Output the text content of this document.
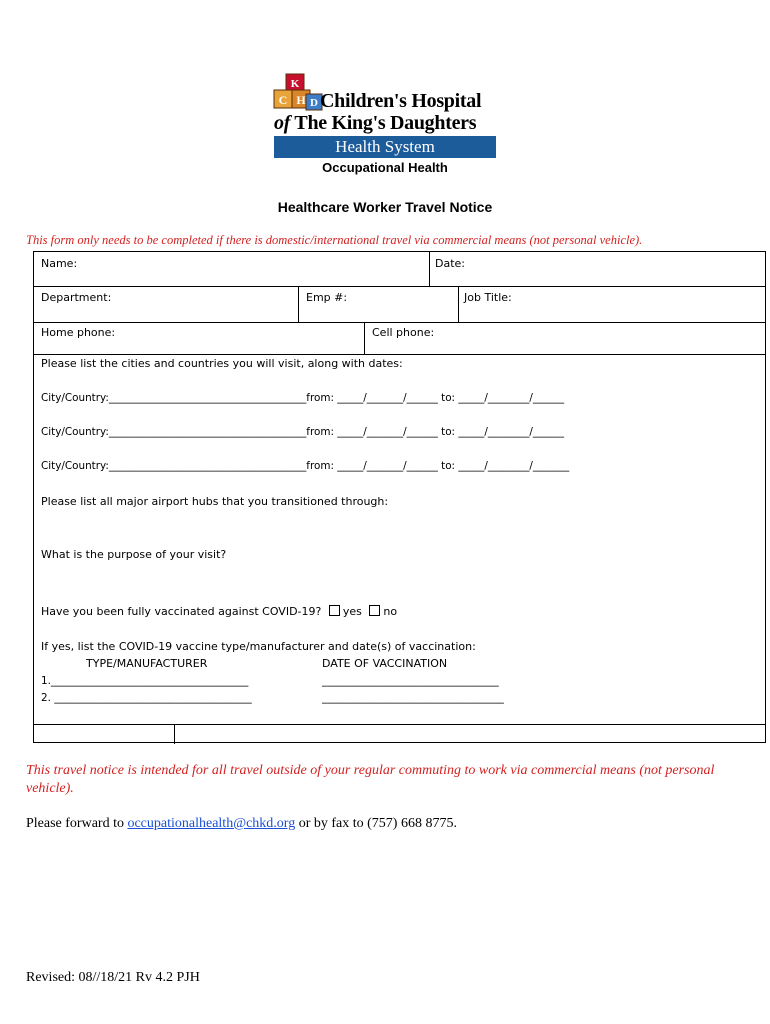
C H
K
D Children's Hospital
of The King's Daughters
Health System
Occupational Health
Healthcare Worker Travel Notice
This form only needs to be completed if there is domestic/international travel via commercial means (not personal vehicle).
Name:	Date:
Department:	Emp #:	Job Title:
Home phone:	Cell phone:
Please list the cities and countries you will visit, along with dates:
City/Country:______________________________________from: _____/_______/______ to: _____/________/______
City/Country:______________________________________from: _____/_______/______ to: _____/________/______
City/Country:______________________________________from: _____/_______/______ to: _____/________/_______
Please list all major airport hubs that you transitioned through:
What is the purpose of your visit?
Have you been fully vaccinated against COVID-19? yes no
If yes, list the COVID-19 vaccine type/manufacturer and date(s) of vaccination:
TYPE/MANUFACTURER	DATE OF VACCINATION
1.______________________________________	__________________________________
2. ______________________________________	___________________________________
This travel notice is intended for all travel outside of your regular commuting to work via commercial means (not personal vehicle).
Please forward to occupationalhealth@chkd.org or by fax to (757) 668 8775.
Revised: 08//18/21 Rv 4.2 PJH
